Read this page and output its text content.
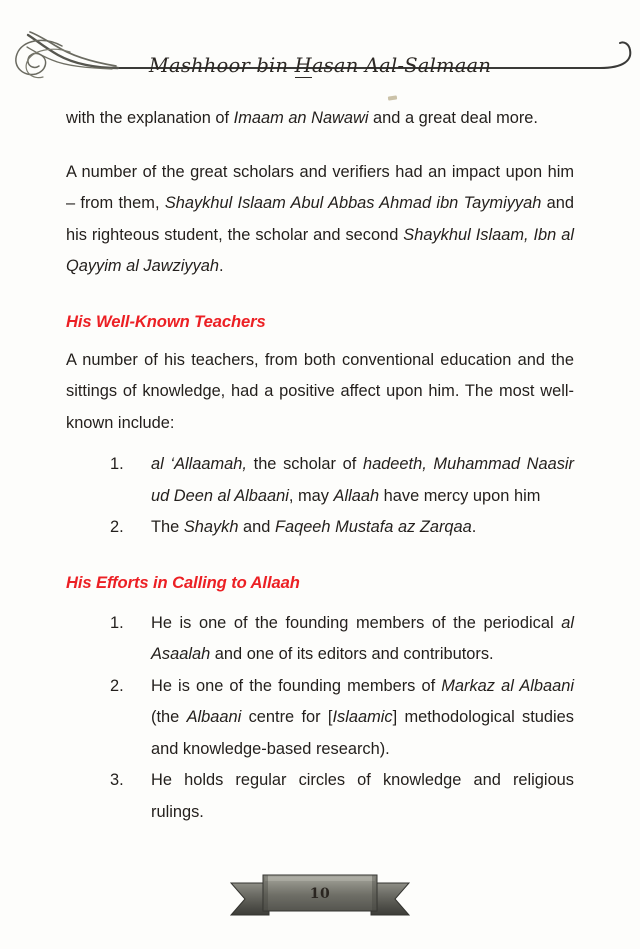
Mashhoor bin Hasan Aal-Salmaan

with the explanation of Imaam an Nawawi and a great deal more.

A number of the great scholars and verifiers had an impact upon him – from them, Shaykhul Islaam Abul Abbas Ahmad ibn Taymiyyah and his righteous student, the scholar and second Shaykhul Islaam, Ibn al Qayyim al Jawziyyah.

His Well-Known Teachers

A number of his teachers, from both conventional education and the sittings of knowledge, had a positive affect upon him. The most well-known include:

al ‘Allaamah, the scholar of hadeeth, Muhammad Naasir ud Deen al Albaani, may Allaah have mercy upon him
The Shaykh and Faqeeh Mustafa az Zarqaa.
His Efforts in Calling to Allaah
He is one of the founding members of the periodical al Asaalah and one of its editors and contributors.
He is one of the founding members of Markaz al Albaani (the Albaani centre for [Islaamic] methodological studies and knowledge-based research).
He holds regular circles of knowledge and religious rulings.
10
